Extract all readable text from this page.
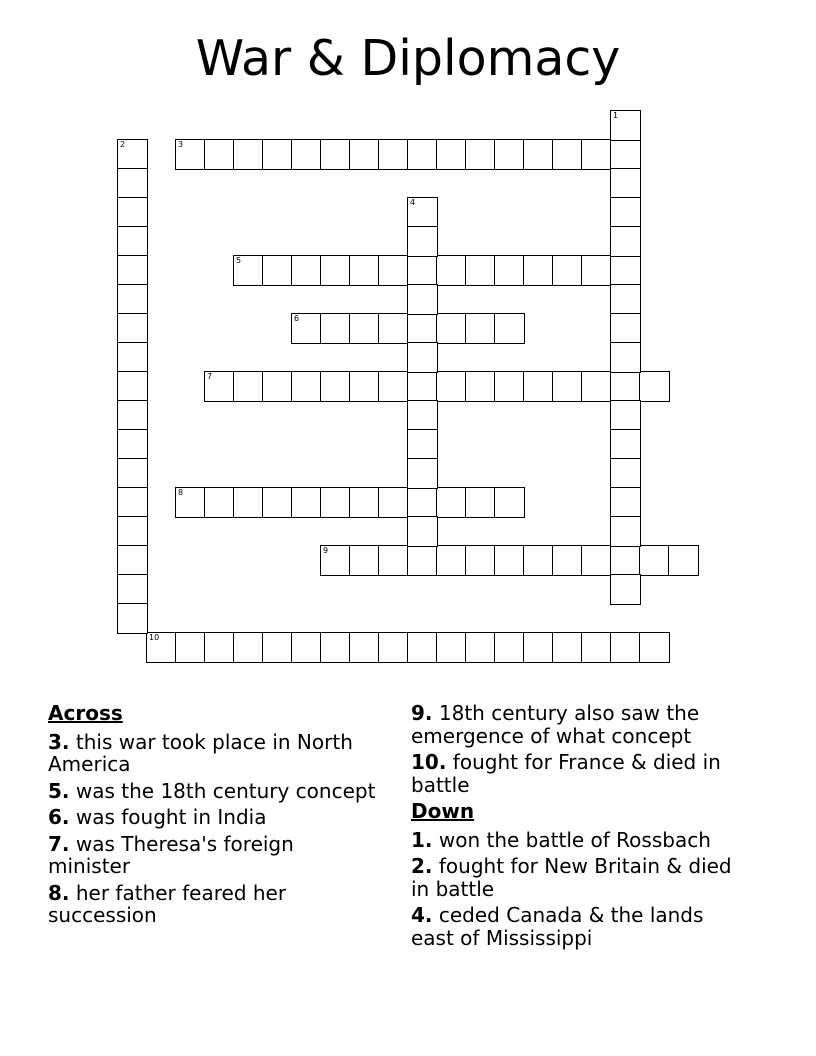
War & Diplomacy
3
5
6
7
8
9
10
1
2
4
Across
3. this war took place in North America
5. was the 18th century concept
6. was fought in India
7. was Theresa's foreign minister
8. her father feared her succession
9. 18th century also saw the emergence of what concept
10. fought for France & died in battle
Down
1. won the battle of Rossbach
2. fought for New Britain & died in battle
4. ceded Canada & the lands east of Mississippi
